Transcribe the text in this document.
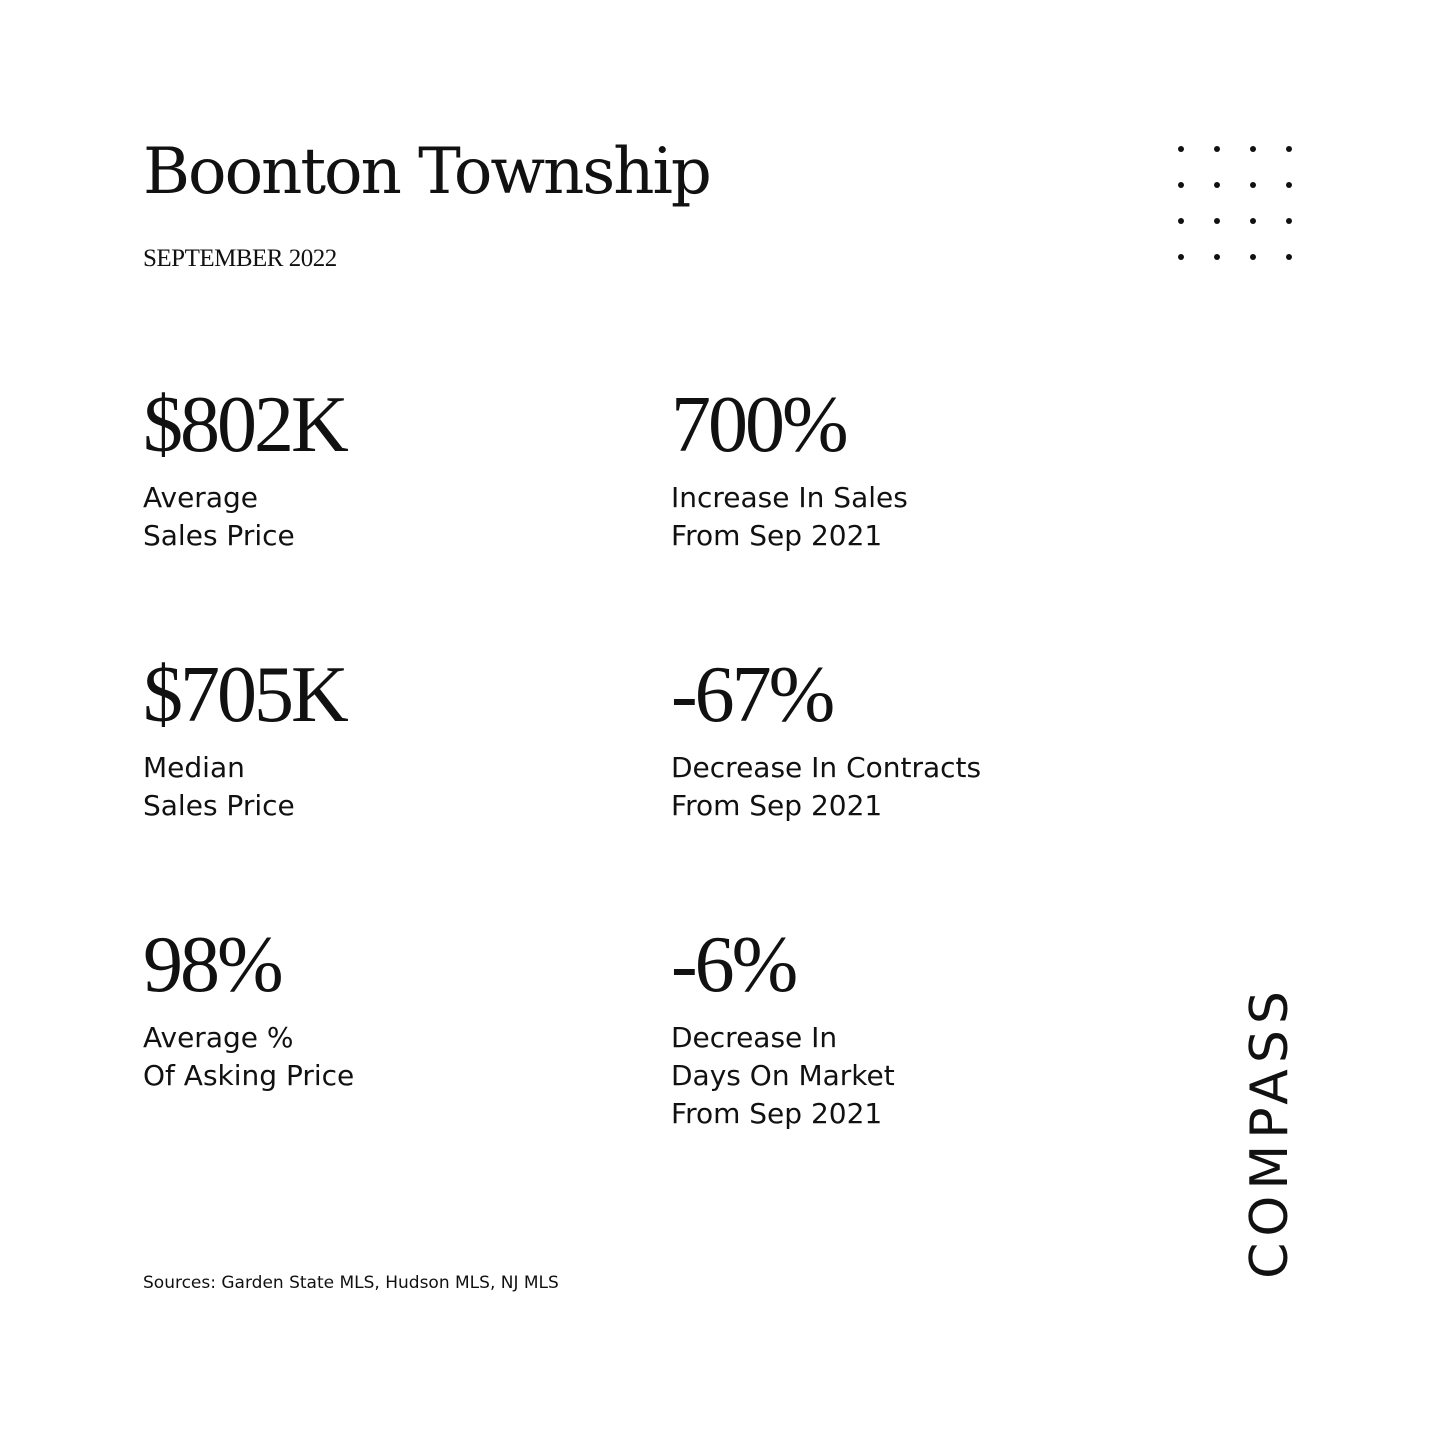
Boonton Township
SEPTEMBER 2022
$802K
Average
Sales Price
700%
Increase In Sales
From Sep 2021
$705K
Median
Sales Price
-67%
Decrease In Contracts
From Sep 2021
98%
Average %
Of Asking Price
-6%
Decrease In
Days On Market
From Sep 2021
Sources: Garden State MLS, Hudson MLS, NJ MLS
COMPASS
